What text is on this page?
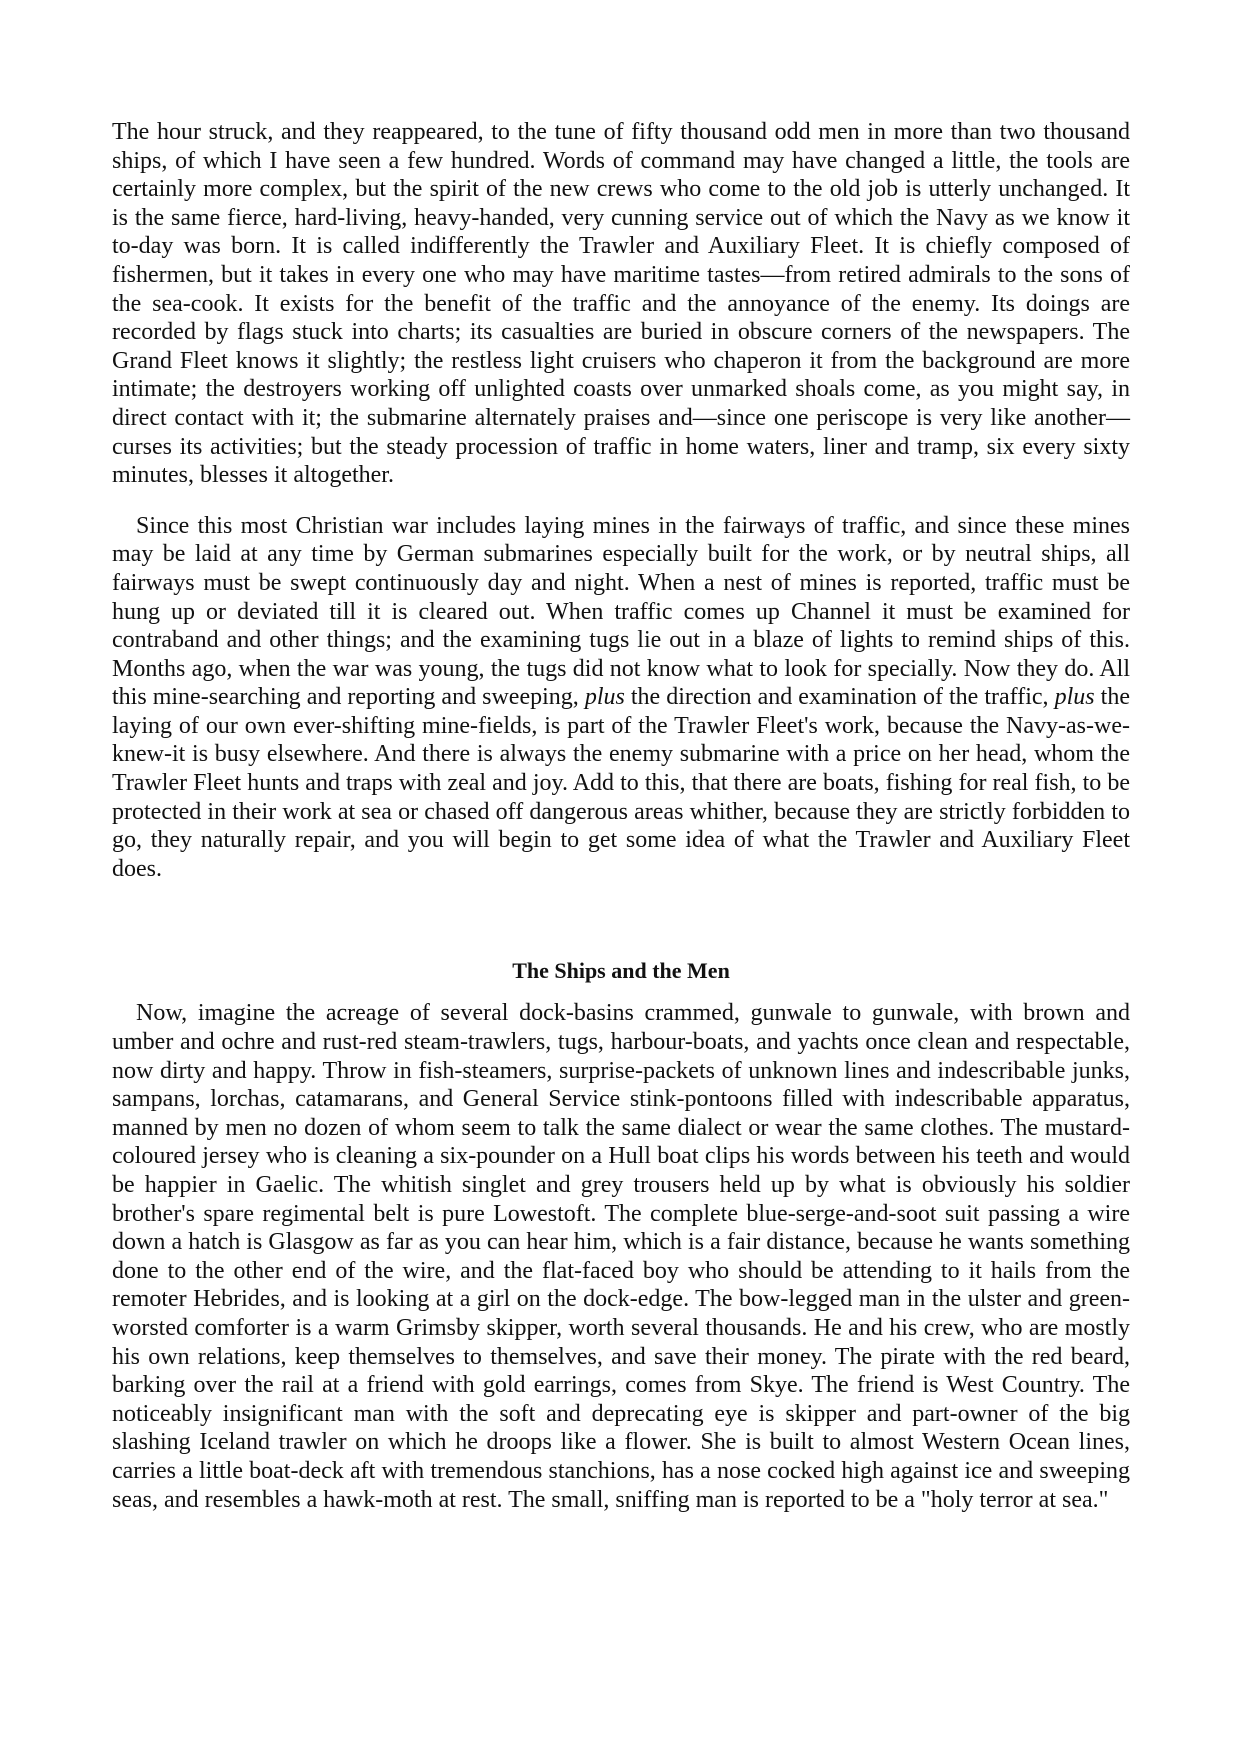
The hour struck, and they reappeared, to the tune of fifty thousand odd men in more than two thousand ships, of which I have seen a few hundred. Words of command may have changed a little, the tools are certainly more complex, but the spirit of the new crews who come to the old job is utterly unchanged. It is the same fierce, hard-living, heavy-handed, very cunning service out of which the Navy as we know it to-day was born. It is called indifferently the Trawler and Auxiliary Fleet. It is chiefly composed of fishermen, but it takes in every one who may have maritime tastes—from retired admirals to the sons of the sea-cook. It exists for the benefit of the traffic and the annoyance of the enemy. Its doings are recorded by flags stuck into charts; its casualties are buried in obscure corners of the newspapers. The Grand Fleet knows it slightly; the restless light cruisers who chaperon it from the background are more intimate; the destroyers working off unlighted coasts over unmarked shoals come, as you might say, in direct contact with it; the submarine alternately praises and—since one periscope is very like another—curses its activities; but the steady procession of traffic in home waters, liner and tramp, six every sixty minutes, blesses it altogether.

Since this most Christian war includes laying mines in the fairways of traffic, and since these mines may be laid at any time by German submarines especially built for the work, or by neutral ships, all fairways must be swept continuously day and night. When a nest of mines is reported, traffic must be hung up or deviated till it is cleared out. When traffic comes up Channel it must be examined for contraband and other things; and the examining tugs lie out in a blaze of lights to remind ships of this. Months ago, when the war was young, the tugs did not know what to look for specially. Now they do. All this mine-searching and reporting and sweeping, plus the direction and examination of the traffic, plus the laying of our own ever-shifting mine-fields, is part of the Trawler Fleet's work, because the Navy-as-we-knew-it is busy elsewhere. And there is always the enemy submarine with a price on her head, whom the Trawler Fleet hunts and traps with zeal and joy. Add to this, that there are boats, fishing for real fish, to be protected in their work at sea or chased off dangerous areas whither, because they are strictly forbidden to go, they naturally repair, and you will begin to get some idea of what the Trawler and Auxiliary Fleet does.

The Ships and the Men

Now, imagine the acreage of several dock-basins crammed, gunwale to gunwale, with brown and umber and ochre and rust-red steam-trawlers, tugs, harbour-boats, and yachts once clean and respectable, now dirty and happy. Throw in fish-steamers, surprise-packets of unknown lines and indescribable junks, sampans, lorchas, catamarans, and General Service stink-pontoons filled with indescribable apparatus, manned by men no dozen of whom seem to talk the same dialect or wear the same clothes. The mustard-coloured jersey who is cleaning a six-pounder on a Hull boat clips his words between his teeth and would be happier in Gaelic. The whitish singlet and grey trousers held up by what is obviously his soldier brother's spare regimental belt is pure Lowestoft. The complete blue-serge-and-soot suit passing a wire down a hatch is Glasgow as far as you can hear him, which is a fair distance, because he wants something done to the other end of the wire, and the flat-faced boy who should be attending to it hails from the remoter Hebrides, and is looking at a girl on the dock-edge. The bow-legged man in the ulster and green-worsted comforter is a warm Grimsby skipper, worth several thousands. He and his crew, who are mostly his own relations, keep themselves to themselves, and save their money. The pirate with the red beard, barking over the rail at a friend with gold earrings, comes from Skye. The friend is West Country. The noticeably insignificant man with the soft and deprecating eye is skipper and part-owner of the big slashing Iceland trawler on which he droops like a flower. She is built to almost Western Ocean lines, carries a little boat-deck aft with tremendous stanchions, has a nose cocked high against ice and sweeping seas, and resembles a hawk-moth at rest. The small, sniffing man is reported to be a "holy terror at sea."
